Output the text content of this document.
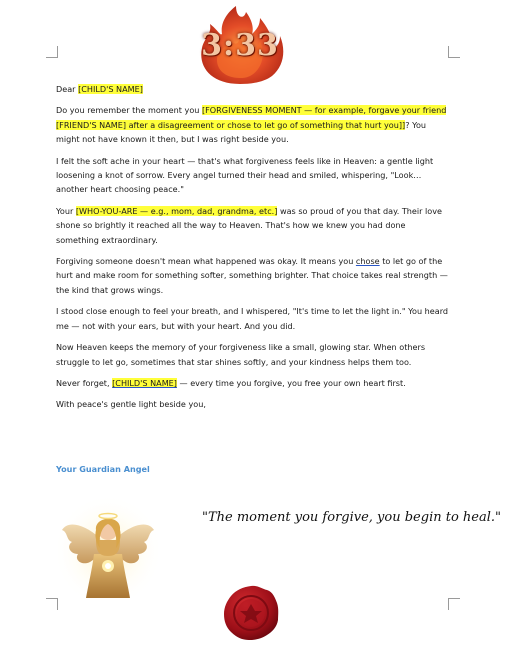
3:33

Dear [CHILD'S NAME]

Do you remember the moment you [FORGIVENESS MOMENT — for example, forgave your friend [FRIEND'S NAME] after a disagreement or chose to let go of something that hurt you]]? You might not have known it then, but I was right beside you.

I felt the soft ache in your heart — that's what forgiveness feels like in Heaven: a gentle light loosening a knot of sorrow. Every angel turned their head and smiled, whispering, "Look… another heart choosing peace."

Your [WHO-YOU-ARE — e.g., mom, dad, grandma, etc.] was so proud of you that day. Their love shone so brightly it reached all the way to Heaven. That's how we knew you had done something extraordinary.

Forgiving someone doesn't mean what happened was okay. It means you chose to let go of the hurt and make room for something softer, something brighter. That choice takes real strength — the kind that grows wings.

I stood close enough to feel your breath, and I whispered, "It's time to let the light in." You heard me — not with your ears, but with your heart. And you did.

Now Heaven keeps the memory of your forgiveness like a small, glowing star. When others struggle to let go, sometimes that star shines softly, and your kindness helps them too.

Never forget, [CHILD'S NAME] — every time you forgive, you free your own heart first.

With peace's gentle light beside you,

Your Guardian Angel
"The moment you forgive, you begin to heal."
